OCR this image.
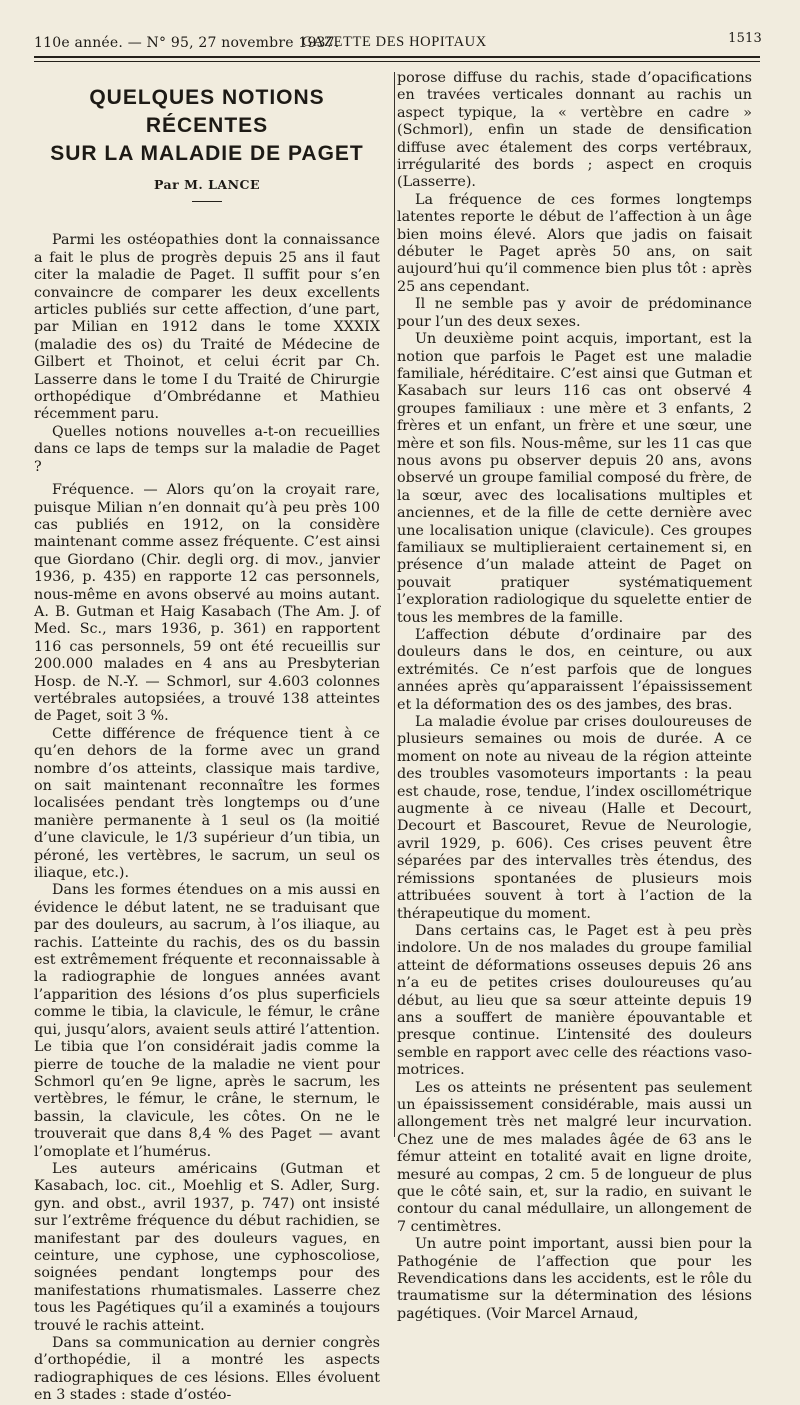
110e année. — N° 95, 27 novembre 1937.
GAZETTE DES HOPITAUX	1513
QUELQUES NOTIONS RÉCENTES
SUR LA MALADIE DE PAGET
Par M. LANCE

Parmi les ostéopathies dont la connaissance a fait le plus de progrès depuis 25 ans il faut citer la maladie de Paget. Il suffit pour s’en convaincre de comparer les deux excellents articles publiés sur cette affection, d’une part, par Milian en 1912 dans le tome XXXIX (maladie des os) du Traité de Médecine de Gilbert et Thoinot, et celui écrit par Ch. Lasserre dans le tome I du Traité de Chirurgie orthopédique d’Ombrédanne et Mathieu récemment paru.

Quelles notions nouvelles a-t-on recueillies dans ce laps de temps sur la maladie de Paget ?

Fréquence. — Alors qu’on la croyait rare, puisque Milian n’en donnait qu’à peu près 100 cas publiés en 1912, on la considère maintenant comme assez fréquente. C’est ainsi que Giordano (Chir. degli org. di mov., janvier 1936, p. 435) en rapporte 12 cas personnels, nous-même en avons observé au moins autant. A. B. Gutman et Haig Kasabach (The Am. J. of Med. Sc., mars 1936, p. 361) en rapportent 116 cas personnels, 59 ont été recueillis sur 200.000 malades en 4 ans au Presbyterian Hosp. de N.-Y. — Schmorl, sur 4.603 colonnes vertébrales autopsiées, a trouvé 138 atteintes de Paget, soit 3 %.

Cette différence de fréquence tient à ce qu’en dehors de la forme avec un grand nombre d’os atteints, classique mais tardive, on sait maintenant reconnaître les formes localisées pendant très longtemps ou d’une manière permanente à 1 seul os (la moitié d’une clavicule, le 1/3 supérieur d’un tibia, un péroné, les vertèbres, le sacrum, un seul os iliaque, etc.).

Dans les formes étendues on a mis aussi en évidence le début latent, ne se traduisant que par des douleurs, au sacrum, à l’os iliaque, au rachis. L’atteinte du rachis, des os du bassin est extrêmement fréquente et reconnaissable à la radiographie de longues années avant l’apparition des lésions d’os plus superficiels comme le tibia, la clavicule, le fémur, le crâne qui, jusqu’alors, avaient seuls attiré l’attention. Le tibia que l’on considérait jadis comme la pierre de touche de la maladie ne vient pour Schmorl qu’en 9e ligne, après le sacrum, les vertèbres, le fémur, le crâne, le sternum, le bassin, la clavicule, les côtes. On ne le trouverait que dans 8,4 % des Paget — avant l’omoplate et l’humérus.

Les auteurs américains (Gutman et Kasabach, loc. cit., Moehlig et S. Adler, Surg. gyn. and obst., avril 1937, p. 747) ont insisté sur l’extrême fréquence du début rachidien, se manifestant par des douleurs vagues, en ceinture, une cyphose, une cyphoscoliose, soignées pendant longtemps pour des manifestations rhumatismales. Lasserre chez tous les Pagétiques qu’il a examinés a toujours trouvé le rachis atteint.

Dans sa communication au dernier congrès d’orthopédie, il a montré les aspects radiographiques de ces lésions. Elles évoluent en 3 stades : stade d’ostéo-

porose diffuse du rachis, stade d’opacifications en travées verticales donnant au rachis un aspect typique, la « vertèbre en cadre » (Schmorl), enfin un stade de densification diffuse avec étalement des corps vertébraux, irrégularité des bords ; aspect en croquis (Lasserre).

La fréquence de ces formes longtemps latentes reporte le début de l’affection à un âge bien moins élevé. Alors que jadis on faisait débuter le Paget après 50 ans, on sait aujourd’hui qu’il commence bien plus tôt : après 25 ans cependant.

Il ne semble pas y avoir de prédominance pour l’un des deux sexes.

Un deuxième point acquis, important, est la notion que parfois le Paget est une maladie familiale, héréditaire. C’est ainsi que Gutman et Kasabach sur leurs 116 cas ont observé 4 groupes familiaux : une mère et 3 enfants, 2 frères et un enfant, un frère et une sœur, une mère et son fils. Nous-même, sur les 11 cas que nous avons pu observer depuis 20 ans, avons observé un groupe familial composé du frère, de la sœur, avec des localisations multiples et anciennes, et de la fille de cette dernière avec une localisation unique (clavicule). Ces groupes familiaux se multiplieraient certainement si, en présence d’un malade atteint de Paget on pouvait pratiquer systématiquement l’exploration radiologique du squelette entier de tous les membres de la famille.

L’affection débute d’ordinaire par des douleurs dans le dos, en ceinture, ou aux extrémités. Ce n’est parfois que de longues années après qu’apparaissent l’épaississement et la déformation des os des jambes, des bras.

La maladie évolue par crises douloureuses de plusieurs semaines ou mois de durée. A ce moment on note au niveau de la région atteinte des troubles vasomoteurs importants : la peau est chaude, rose, tendue, l’index oscillométrique augmente à ce niveau (Halle et Decourt, Decourt et Bascouret, Revue de Neurologie, avril 1929, p. 606). Ces crises peuvent être séparées par des intervalles très étendus, des rémissions spontanées de plusieurs mois attribuées souvent à tort à l’action de la thérapeutique du moment.

Dans certains cas, le Paget est à peu près indolore. Un de nos malades du groupe familial atteint de déformations osseuses depuis 26 ans n’a eu de petites crises douloureuses qu’au début, au lieu que sa sœur atteinte depuis 19 ans a souffert de manière épouvantable et presque continue. L’intensité des douleurs semble en rapport avec celle des réactions vaso-motrices.

Les os atteints ne présentent pas seulement un épaississement considérable, mais aussi un allongement très net malgré leur incurvation. Chez une de mes malades âgée de 63 ans le fémur atteint en totalité avait en ligne droite, mesuré au compas, 2 cm. 5 de longueur de plus que le côté sain, et, sur la radio, en suivant le contour du canal médullaire, un allongement de 7 centimètres.

Un autre point important, aussi bien pour la Pathogénie de l’affection que pour les Revendications dans les accidents, est le rôle du traumatisme sur la détermination des lésions pagétiques. (Voir Marcel Arnaud,
